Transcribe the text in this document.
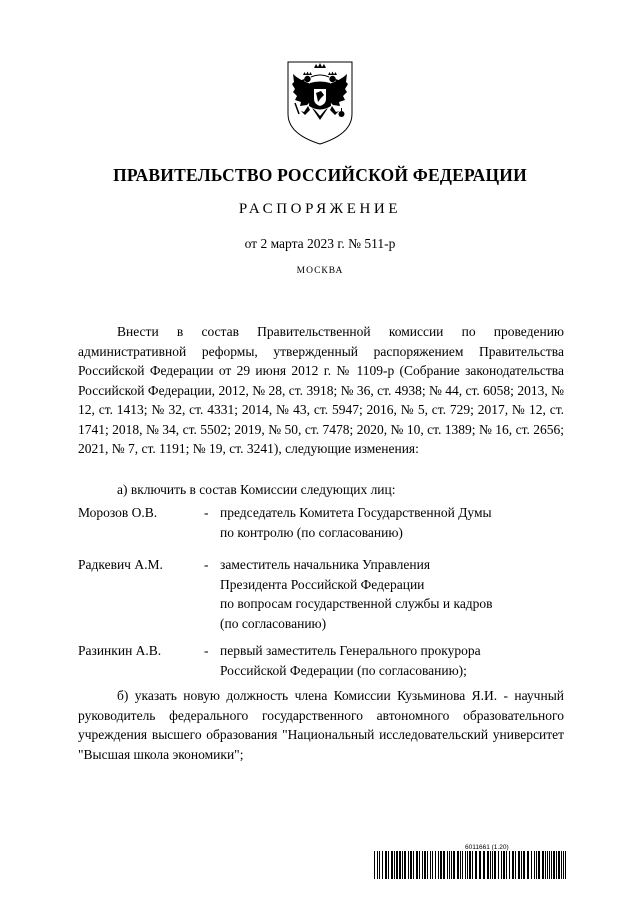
ПРАВИТЕЛЬСТВО РОССИЙСКОЙ ФЕДЕРАЦИИ
РАСПОРЯЖЕНИЕ
от 2 марта 2023 г. № 511-р
МОСКВА

Внести в состав Правительственной комиссии по проведению административной реформы, утвержденный распоряжением Правительства Российской Федерации от 29 июня 2012 г. № 1109-р (Собрание законодательства Российской Федерации, 2012, № 28, ст. 3918; № 36, ст. 4938; № 44, ст. 6058; 2013, № 12, ст. 1413; № 32, ст. 4331; 2014, № 43, ст. 5947; 2016, № 5, ст. 729; 2017, № 12, ст. 1741; 2018, № 34, ст. 5502; 2019, № 50, ст. 7478; 2020, № 10, ст. 1389; № 16, ст. 2656; 2021, № 7, ст. 1191; № 19, ст. 3241), следующие изменения:

а) включить в состав Комиссии следующих лиц:

Морозов О.В.	- председатель Комитета Государственной Думы
по контролю (по согласованию)
Радкевич А.М.	- заместитель начальника Управления
Президента Российской Федерации
по вопросам государственной службы и кадров
(по согласованию)
Разинкин А.В.	- первый заместитель Генерального прокурора
Российской Федерации (по согласованию);

б) указать новую должность члена Комиссии Кузьминова Я.И. - научный руководитель федерального государственного автономного образовательного учреждения высшего образования "Национальный исследовательский университет "Высшая школа экономики";

6011661 (1.20)
